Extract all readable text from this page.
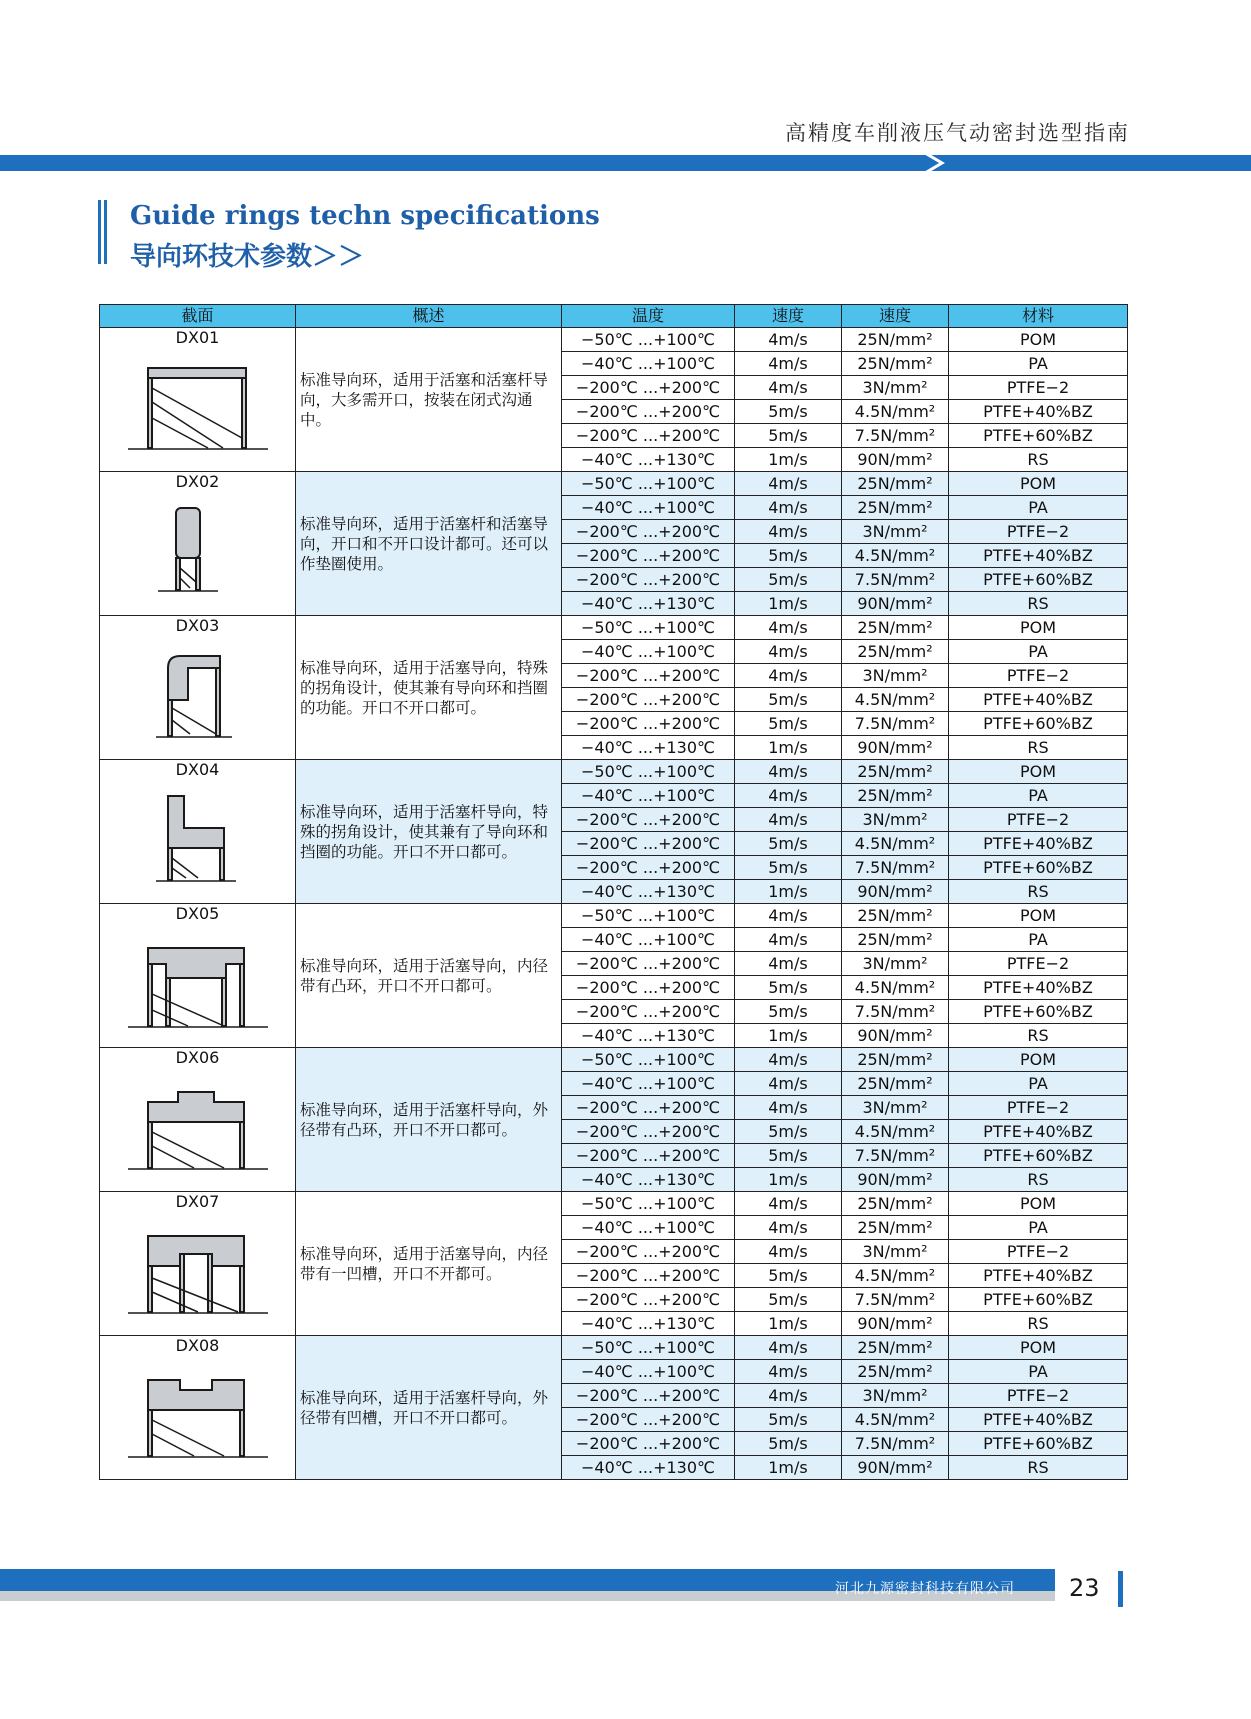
高精度车削液压气动密封选型指南
Guide rings techn specifications
导向环技术参数＞＞
截面	概述	温度	速度	速度	材料

DX01	标准导向环，适用于活塞和活塞杆导向，大多需开口，按装在闭式沟通中。	−50℃ ...+100℃	4m/s	25N/mm²	POM
		−40℃ ...+100℃	4m/s	25N/mm²	PA
		−200℃ ...+200℃	4m/s	3N/mm²	PTFE−2
		−200℃ ...+200℃	5m/s	4.5N/mm²	PTFE+40%BZ
		−200℃ ...+200℃	5m/s	7.5N/mm²	PTFE+60%BZ
		−40℃ ...+130℃	1m/s	90N/mm²	RS

DX02	标准导向环，适用于活塞杆和活塞导向，开口和不开口设计都可。还可以作垫圈使用。	−50℃ ...+100℃	4m/s	25N/mm²	POM
		−40℃ ...+100℃	4m/s	25N/mm²	PA
		−200℃ ...+200℃	4m/s	3N/mm²	PTFE−2
		−200℃ ...+200℃	5m/s	4.5N/mm²	PTFE+40%BZ
		−200℃ ...+200℃	5m/s	7.5N/mm²	PTFE+60%BZ
		−40℃ ...+130℃	1m/s	90N/mm²	RS

DX03	标准导向环，适用于活塞导向，特殊的拐角设计，使其兼有导向环和挡圈的功能。开口不开口都可。	−50℃ ...+100℃	4m/s	25N/mm²	POM
		−40℃ ...+100℃	4m/s	25N/mm²	PA
		−200℃ ...+200℃	4m/s	3N/mm²	PTFE−2
		−200℃ ...+200℃	5m/s	4.5N/mm²	PTFE+40%BZ
		−200℃ ...+200℃	5m/s	7.5N/mm²	PTFE+60%BZ
		−40℃ ...+130℃	1m/s	90N/mm²	RS

DX04	标准导向环，适用于活塞杆导向，特殊的拐角设计，使其兼有了导向环和挡圈的功能。开口不开口都可。	−50℃ ...+100℃	4m/s	25N/mm²	POM
		−40℃ ...+100℃	4m/s	25N/mm²	PA
		−200℃ ...+200℃	4m/s	3N/mm²	PTFE−2
		−200℃ ...+200℃	5m/s	4.5N/mm²	PTFE+40%BZ
		−200℃ ...+200℃	5m/s	7.5N/mm²	PTFE+60%BZ
		−40℃ ...+130℃	1m/s	90N/mm²	RS

DX05	标准导向环，适用于活塞导向，内径带有凸环，开口不开口都可。	−50℃ ...+100℃	4m/s	25N/mm²	POM
		−40℃ ...+100℃	4m/s	25N/mm²	PA
		−200℃ ...+200℃	4m/s	3N/mm²	PTFE−2
		−200℃ ...+200℃	5m/s	4.5N/mm²	PTFE+40%BZ
		−200℃ ...+200℃	5m/s	7.5N/mm²	PTFE+60%BZ
		−40℃ ...+130℃	1m/s	90N/mm²	RS

DX06	标准导向环，适用于活塞杆导向，外径带有凸环，开口不开口都可。	−50℃ ...+100℃	4m/s	25N/mm²	POM
		−40℃ ...+100℃	4m/s	25N/mm²	PA
		−200℃ ...+200℃	4m/s	3N/mm²	PTFE−2
		−200℃ ...+200℃	5m/s	4.5N/mm²	PTFE+40%BZ
		−200℃ ...+200℃	5m/s	7.5N/mm²	PTFE+60%BZ
		−40℃ ...+130℃	1m/s	90N/mm²	RS

DX07	标准导向环，适用于活塞导向，内径带有一凹槽，开口不开都可。	−50℃ ...+100℃	4m/s	25N/mm²	POM
		−40℃ ...+100℃	4m/s	25N/mm²	PA
		−200℃ ...+200℃	4m/s	3N/mm²	PTFE−2
		−200℃ ...+200℃	5m/s	4.5N/mm²	PTFE+40%BZ
		−200℃ ...+200℃	5m/s	7.5N/mm²	PTFE+60%BZ
		−40℃ ...+130℃	1m/s	90N/mm²	RS

DX08	标准导向环，适用于活塞杆导向，外径带有凹槽，开口不开口都可。	−50℃ ...+100℃	4m/s	25N/mm²	POM
		−40℃ ...+100℃	4m/s	25N/mm²	PA
		−200℃ ...+200℃	4m/s	3N/mm²	PTFE−2
		−200℃ ...+200℃	5m/s	4.5N/mm²	PTFE+40%BZ
		−200℃ ...+200℃	5m/s	7.5N/mm²	PTFE+60%BZ
		−40℃ ...+130℃	1m/s	90N/mm²	RS
河北九源密封科技有限公司 23
